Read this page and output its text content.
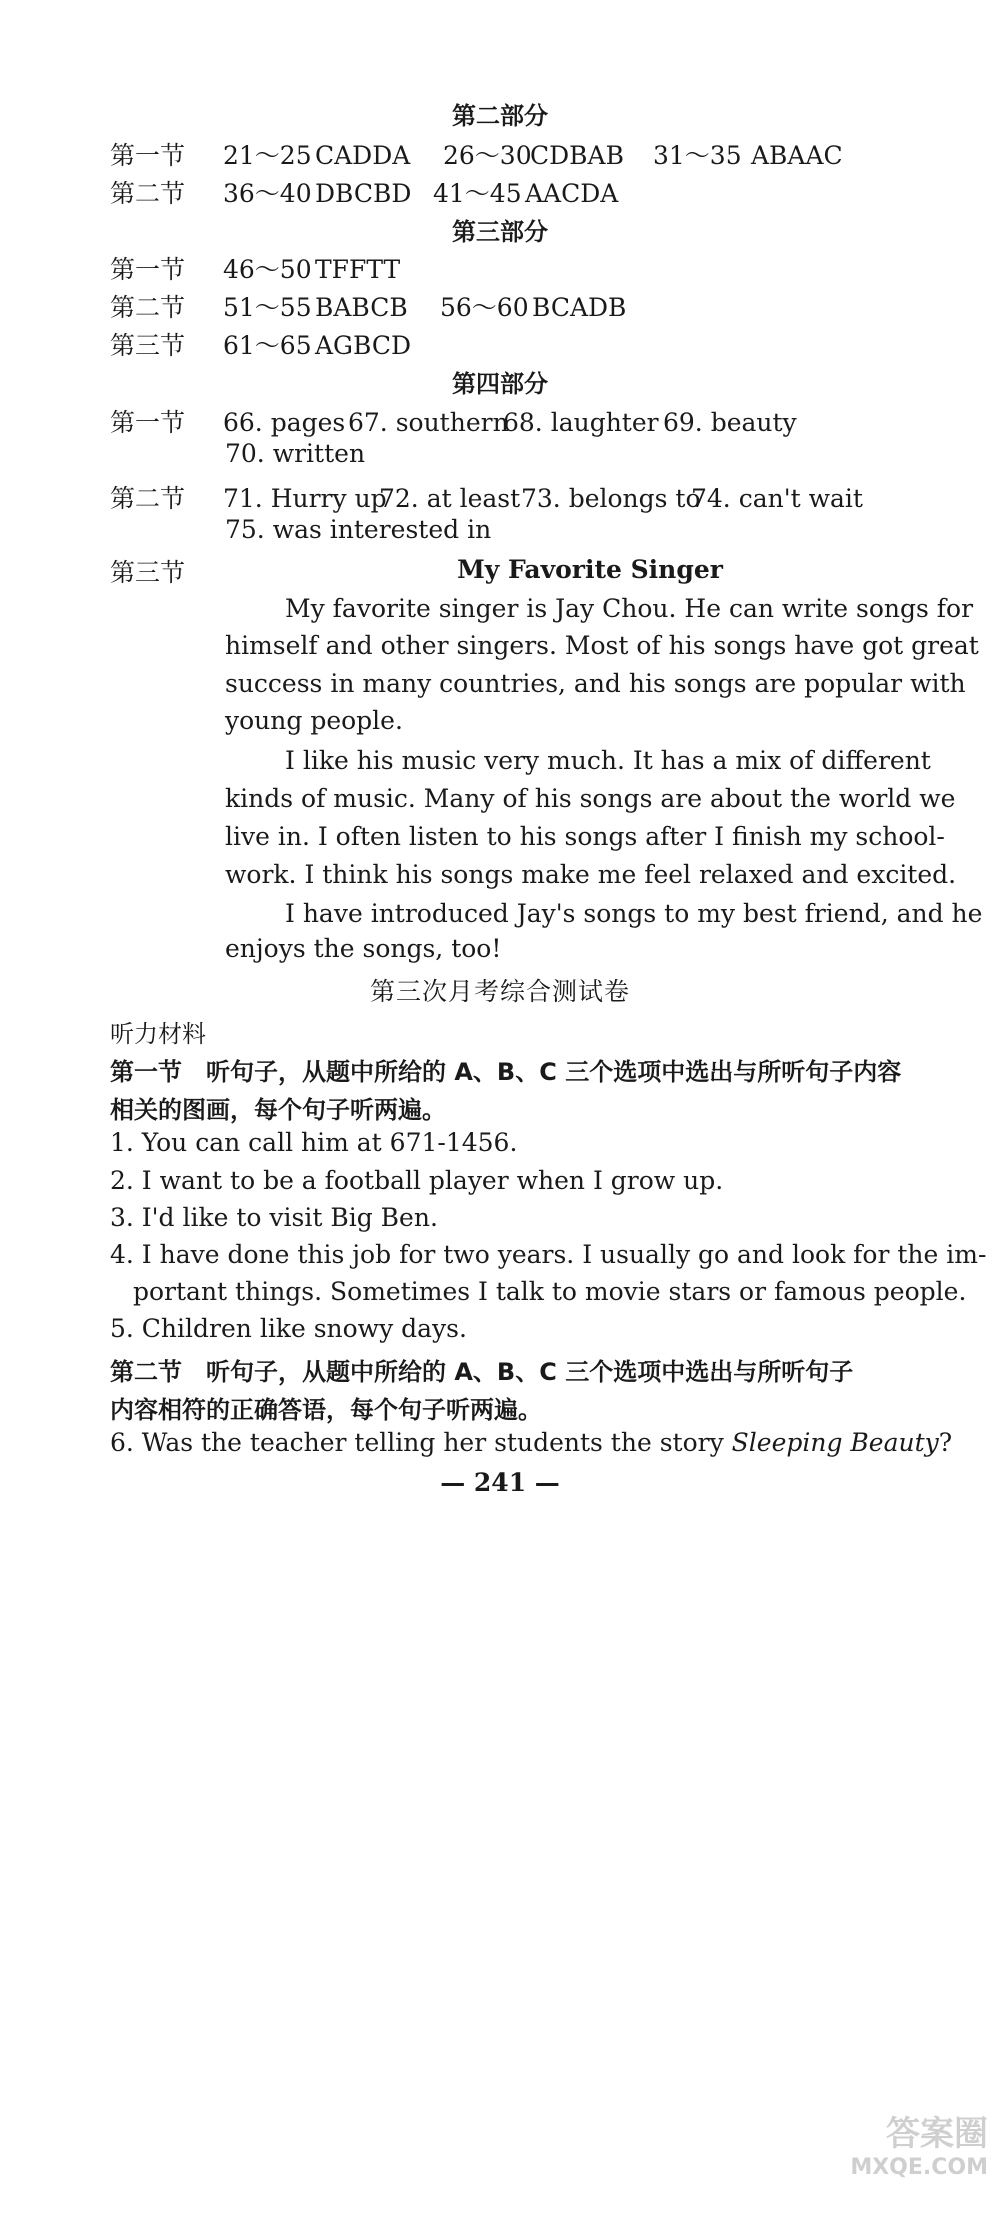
第二部分
第一节 21～25 CADDA 26～30CDBAB 31～35 ABAAC
第二节 36～40 DBCBD 41～45 AACDA
第三部分
第一节 46～50 TFFTT
第二节 51～55 BABCB 56～60 BCADB
第三节 61～65 AGBCD
第四部分
第一节 66. pages 67. southern68. laughter 69. beauty
70. written
第二节 71. Hurry up72. at least73. belongs to74. can't wait
75. was interested in
第三节	My Favorite Singer
My favorite singer is Jay Chou. He can write songs for
himself and other singers. Most of his songs have got great
success in many countries, and his songs are popular with
young people.
I like his music very much. It has a mix of different
kinds of music. Many of his songs are about the world we
live in. I often listen to his songs after I finish my school-
work. I think his songs make me feel relaxed and excited.
I have introduced Jay's songs to my best friend, and he
enjoys the songs, too!
第三次月考综合测试卷
听力材料
第一节　听句子，从题中所给的 A、B、C 三个选项中选出与所听句子内容
相关的图画，每个句子听两遍。
1. You can call him at 671-1456.
2. I want to be a football player when I grow up.
3. I'd like to visit Big Ben.
4. I have done this job for two years. I usually go and look for the im-
portant things. Sometimes I talk to movie stars or famous people.
5. Children like snowy days.
第二节　听句子，从题中所给的 A、B、C 三个选项中选出与所听句子
内容相符的正确答语，每个句子听两遍。
6. Was the teacher telling her students the story Sleeping Beauty?
— 241 —
答案圈
MXQE.COM
